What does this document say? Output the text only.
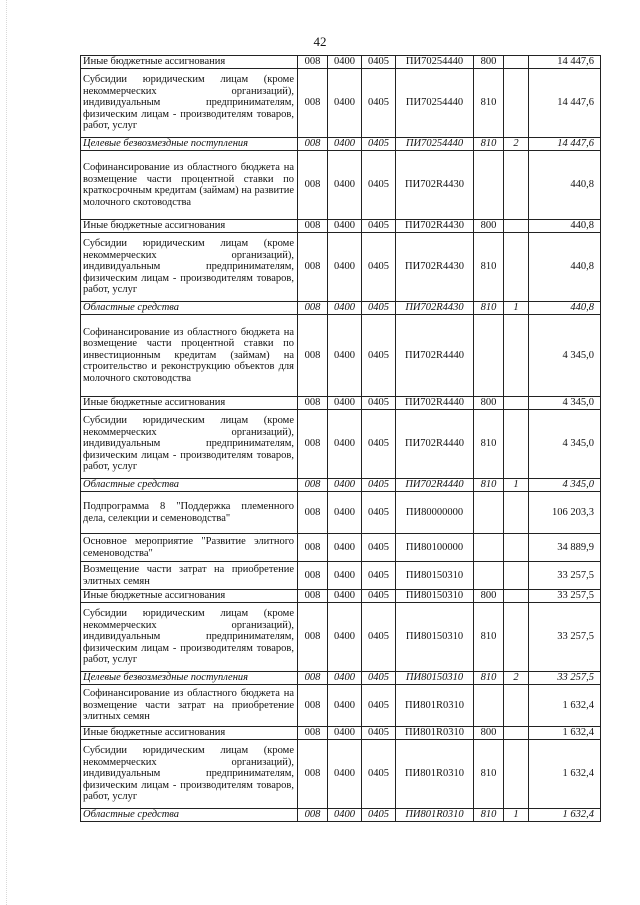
42
Иные бюджетные ассигнования	008	0400	0405	ПИ70254440	800		14 447,6
Субсидии юридическим лицам (кроме некоммерческих организаций), индивидуальным предпринимателям, физическим лицам - производителям товаров, работ, услуг	008	0400	0405	ПИ70254440	810		14 447,6
Целевые безвозмездные поступления	008	0400	0405	ПИ70254440	810	2	14 447,6
Софинансирование из областного бюджета на возмещение части процентной ставки по краткосрочным кредитам (займам) на развитие молочного скотоводства	008	0400	0405	ПИ702R4430			440,8
Иные бюджетные ассигнования	008	0400	0405	ПИ702R4430	800		440,8
Субсидии юридическим лицам (кроме некоммерческих организаций), индивидуальным предпринимателям, физическим лицам - производителям товаров, работ, услуг	008	0400	0405	ПИ702R4430	810		440,8
Областные средства	008	0400	0405	ПИ702R4430	810	1	440,8
Софинансирование из областного бюджета на возмещение части процентной ставки по инвестиционным кредитам (займам) на строительство и реконструкцию объектов для молочного скотоводства	008	0400	0405	ПИ702R4440			4 345,0
Иные бюджетные ассигнования	008	0400	0405	ПИ702R4440	800		4 345,0
Субсидии юридическим лицам (кроме некоммерческих организаций), индивидуальным предпринимателям, физическим лицам - производителям товаров, работ, услуг	008	0400	0405	ПИ702R4440	810		4 345,0
Областные средства	008	0400	0405	ПИ702R4440	810	1	4 345,0
Подпрограмма 8 "Поддержка племенного дела, селекции и семеноводства"	008	0400	0405	ПИ80000000			106 203,3
Основное мероприятие "Развитие элитного семеноводства"	008	0400	0405	ПИ80100000			34 889,9
Возмещение части затрат на приобретение элитных семян	008	0400	0405	ПИ80150310			33 257,5
Иные бюджетные ассигнования	008	0400	0405	ПИ80150310	800		33 257,5
Субсидии юридическим лицам (кроме некоммерческих организаций), индивидуальным предпринимателям, физическим лицам - производителям товаров, работ, услуг	008	0400	0405	ПИ80150310	810		33 257,5
Целевые безвозмездные поступления	008	0400	0405	ПИ80150310	810	2	33 257,5
Софинансирование из областного бюджета на возмещение части затрат на приобретение элитных семян	008	0400	0405	ПИ801R0310			1 632,4
Иные бюджетные ассигнования	008	0400	0405	ПИ801R0310	800		1 632,4
Субсидии юридическим лицам (кроме некоммерческих организаций), индивидуальным предпринимателям, физическим лицам - производителям товаров, работ, услуг	008	0400	0405	ПИ801R0310	810		1 632,4
Областные средства	008	0400	0405	ПИ801R0310	810	1	1 632,4
